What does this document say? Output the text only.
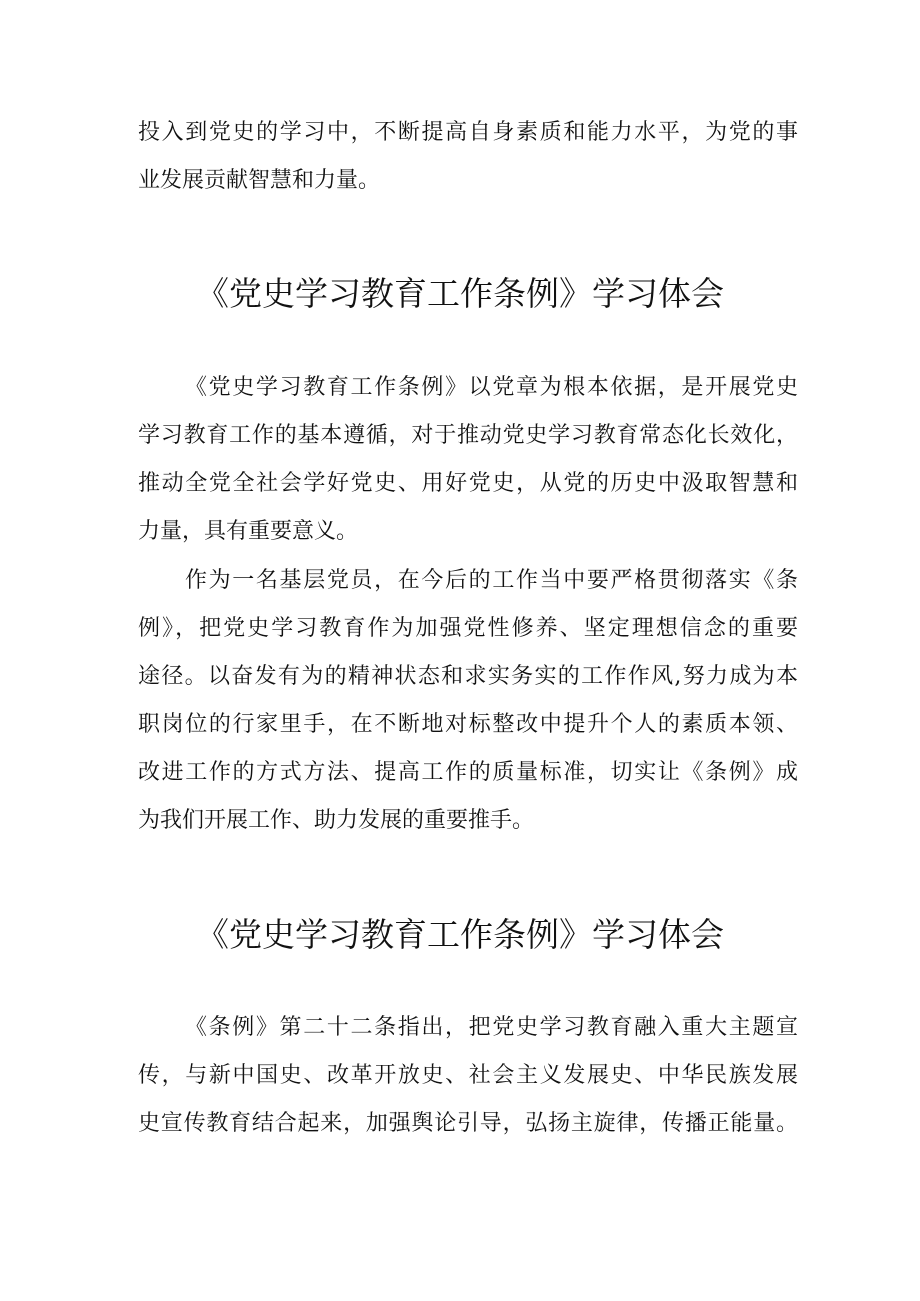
投入到党史的学习中，不断提高自身素质和能力水平，为党的事
业发展贡献智慧和力量。
《党史学习教育工作条例》学习体会
《党史学习教育工作条例》以党章为根本依据，是开展党史
学习教育工作的基本遵循，对于推动党史学习教育常态化长效化，
推动全党全社会学好党史、用好党史，从党的历史中汲取智慧和
力量，具有重要意义。
作为一名基层党员，在今后的工作当中要严格贯彻落实《条
例》，把党史学习教育作为加强党性修养、坚定理想信念的重要
途径。以奋发有为的精神状态和求实务实的工作作风,努力成为本
职岗位的行家里手，在不断地对标整改中提升个人的素质本领、
改进工作的方式方法、提高工作的质量标准，切实让《条例》成
为我们开展工作、助力发展的重要推手。
《党史学习教育工作条例》学习体会
《条例》第二十二条指出，把党史学习教育融入重大主题宣
传，与新中国史、改革开放史、社会主义发展史、中华民族发展
史宣传教育结合起来，加强舆论引导，弘扬主旋律，传播正能量。
